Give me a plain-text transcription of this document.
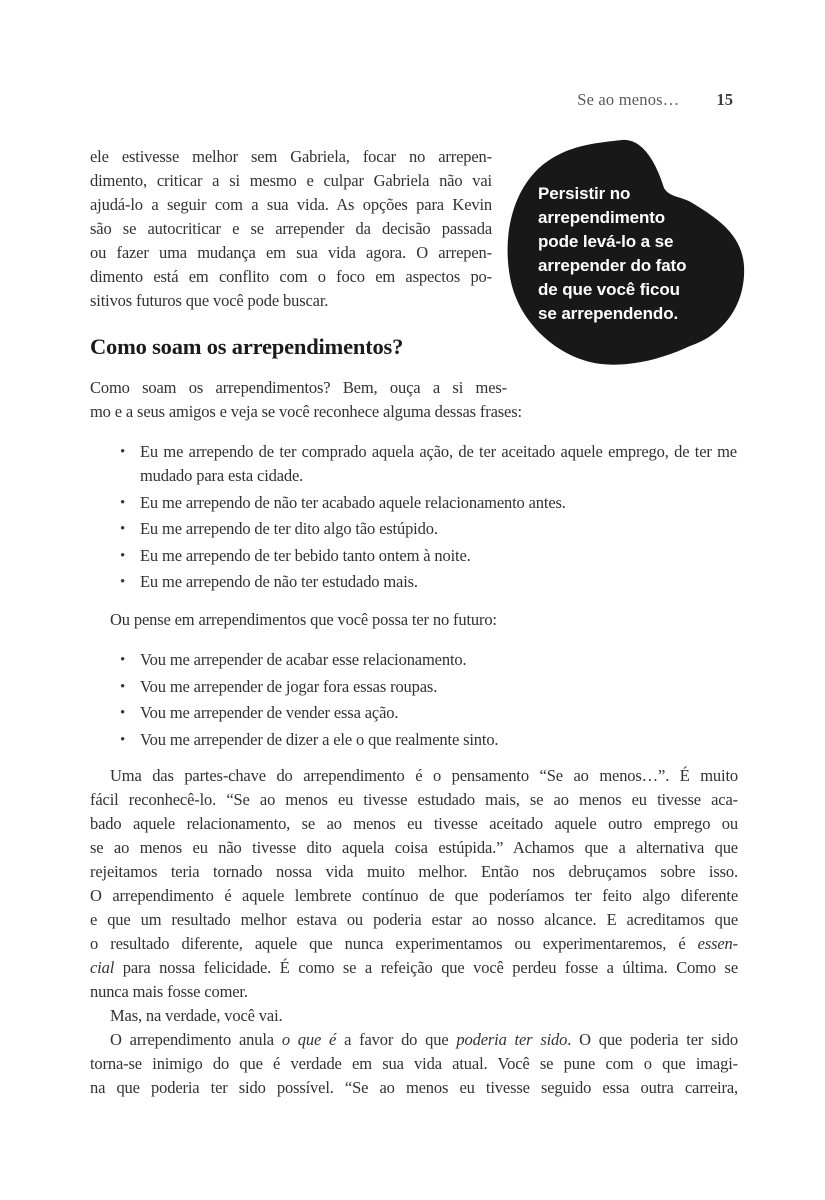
Se ao menos… 15
Persistir no
arrependimento
pode levá-lo a se
arrepender do fato
de que você ficou
se arrependendo.
ele estivesse melhor sem Gabriela, focar no arrepen-
dimento, criticar a si mesmo e culpar Gabriela não vai
ajudá-lo a seguir com a sua vida. As opções para Kevin
são se autocriticar e se arrepender da decisão passada
ou fazer uma mudança em sua vida agora. O arrepen-
dimento está em conflito com o foco em aspectos po-
sitivos futuros que você pode buscar.
Como soam os arrependimentos?
Como soam os arrependimentos? Bem, ouça a si mes-
mo e a seus amigos e veja se você reconhece alguma dessas frases:
• Eu me arrependo de ter comprado aquela ação, de ter aceitado aquele emprego, de ter me mudado para esta cidade.
• Eu me arrependo de não ter acabado aquele relacionamento antes.
• Eu me arrependo de ter dito algo tão estúpido.
• Eu me arrependo de ter bebido tanto ontem à noite.
• Eu me arrependo de não ter estudado mais.
Ou pense em arrependimentos que você possa ter no futuro:
• Vou me arrepender de acabar esse relacionamento.
• Vou me arrepender de jogar fora essas roupas.
• Vou me arrepender de vender essa ação.
• Vou me arrepender de dizer a ele o que realmente sinto.
Uma das partes-chave do arrependimento é o pensamento “Se ao menos…”. É muito
fácil reconhecê-lo. “Se ao menos eu tivesse estudado mais, se ao menos eu tivesse aca-
bado aquele relacionamento, se ao menos eu tivesse aceitado aquele outro emprego ou
se ao menos eu não tivesse dito aquela coisa estúpida.” Achamos que a alternativa que
rejeitamos teria tornado nossa vida muito melhor. Então nos debruçamos sobre isso.
O arrependimento é aquele lembrete contínuo de que poderíamos ter feito algo diferente
e que um resultado melhor estava ou poderia estar ao nosso alcance. E acreditamos que
o resultado diferente, aquele que nunca experimentamos ou experimentaremos, é essen-
cial para nossa felicidade. É como se a refeição que você perdeu fosse a última. Como se
nunca mais fosse comer.
Mas, na verdade, você vai.
O arrependimento anula o que é a favor do que poderia ter sido. O que poderia ter sido
torna-se inimigo do que é verdade em sua vida atual. Você se pune com o que imagi-
na que poderia ter sido possível. “Se ao menos eu tivesse seguido essa outra carreira,
